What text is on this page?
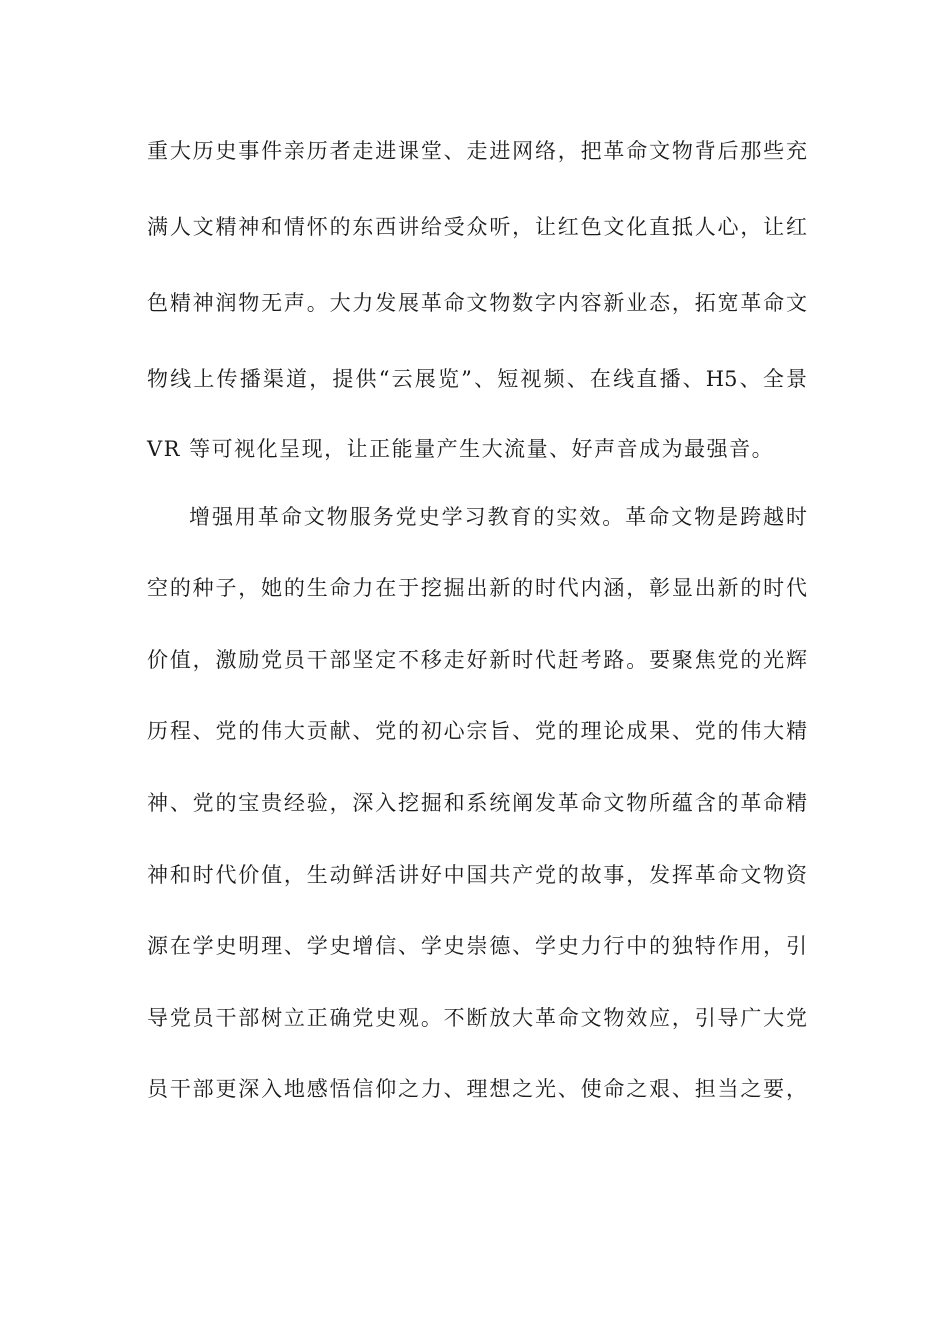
重大历史事件亲历者走进课堂、走进网络，把革命文物背后那些充
满人文精神和情怀的东西讲给受众听，让红色文化直抵人心，让红
色精神润物无声。大力发展革命文物数字内容新业态，拓宽革命文
物线上传播渠道，提供“云展览”、短视频、在线直播、H5、全景
VR 等可视化呈现，让正能量产生大流量、好声音成为最强音。
增强用革命文物服务党史学习教育的实效。革命文物是跨越时
空的种子，她的生命力在于挖掘出新的时代内涵，彰显出新的时代
价值，激励党员干部坚定不移走好新时代赶考路。要聚焦党的光辉
历程、党的伟大贡献、党的初心宗旨、党的理论成果、党的伟大精
神、党的宝贵经验，深入挖掘和系统阐发革命文物所蕴含的革命精
神和时代价值，生动鲜活讲好中国共产党的故事，发挥革命文物资
源在学史明理、学史增信、学史崇德、学史力行中的独特作用，引
导党员干部树立正确党史观。不断放大革命文物效应，引导广大党
员干部更深入地感悟信仰之力、理想之光、使命之艰、担当之要，
